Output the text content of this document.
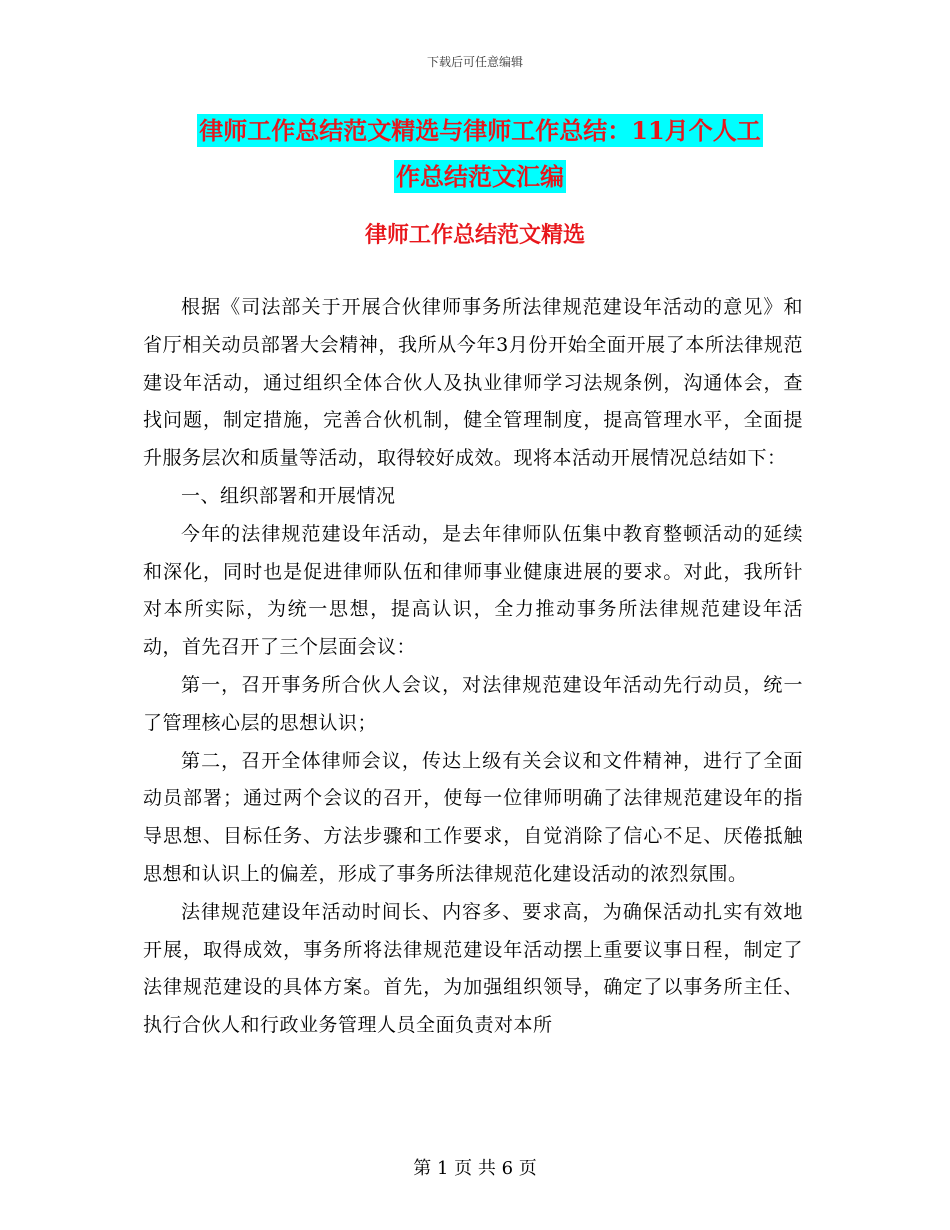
下载后可任意编辑
律师工作总结范文精选与律师工作总结：11月个人工
作总结范文汇编
律师工作总结范文精选

根据《司法部关于开展合伙律师事务所法律规范建设年活动的意见》和省厅相关动员部署大会精神，我所从今年3月份开始全面开展了本所法律规范建设年活动，通过组织全体合伙人及执业律师学习法规条例，沟通体会，查找问题，制定措施，完善合伙机制，健全管理制度，提高管理水平，全面提升服务层次和质量等活动，取得较好成效。现将本活动开展情况总结如下：

一、组织部署和开展情况

今年的法律规范建设年活动，是去年律师队伍集中教育整顿活动的延续和深化，同时也是促进律师队伍和律师事业健康进展的要求。对此，我所针对本所实际，为统一思想，提高认识，全力推动事务所法律规范建设年活动，首先召开了三个层面会议：

第一，召开事务所合伙人会议，对法律规范建设年活动先行动员，统一了管理核心层的思想认识；

第二，召开全体律师会议，传达上级有关会议和文件精神，进行了全面动员部署；通过两个会议的召开，使每一位律师明确了法律规范建设年的指导思想、目标任务、方法步骤和工作要求，自觉消除了信心不足、厌倦抵触思想和认识上的偏差，形成了事务所法律规范化建设活动的浓烈氛围。

法律规范建设年活动时间长、内容多、要求高，为确保活动扎实有效地开展，取得成效，事务所将法律规范建设年活动摆上重要议事日程，制定了法律规范建设的具体方案。首先，为加强组织领导，确定了以事务所主任、执行合伙人和行政业务管理人员全面负责对本所

第 1 页 共 6 页
